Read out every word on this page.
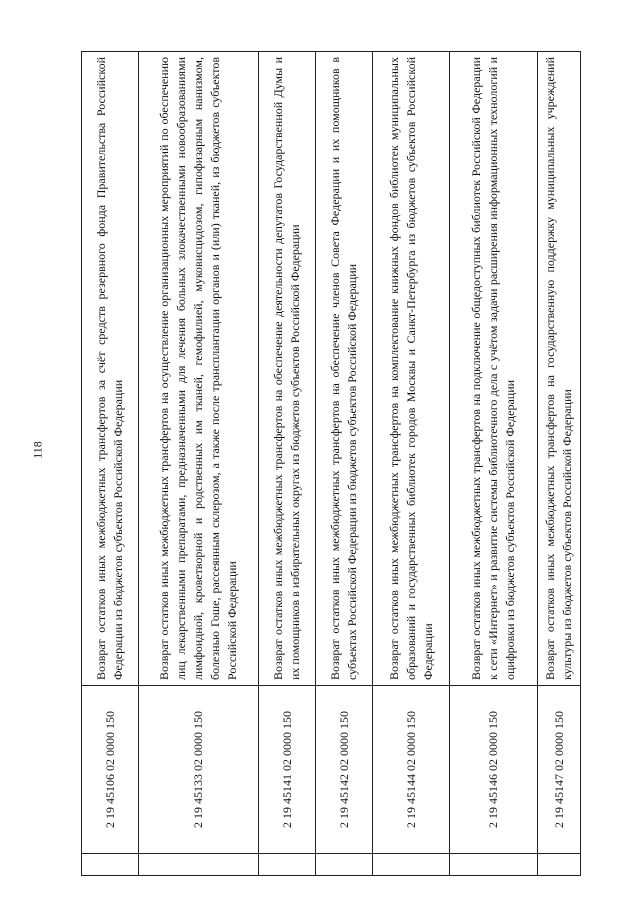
118
	2 19 45106 02 0000 150	Возврат остатков иных межбюджетных трансфертов за счёт средств резервного фонда Правительства Российской Федерации из бюджетов субъектов Российской Федерации
	2 19 45133 02 0000 150	Возврат остатков иных межбюджетных трансфертов на осуществление организационных мероприятий по обеспечению лиц лекарственными препаратами, предназначенными для лечения больных злокачественными новообразованиями лимфоидной, кроветворной и родственных им тканей, гемофилией, муковисцидозом, гипофизарным нанизмом, болезнью Гоше, рассеянным склерозом, а также после трансплантации органов и (или) тканей, из бюджетов субъектов Российской Федерации
	2 19 45141 02 0000 150	Возврат остатков иных межбюджетных трансфертов на обеспечение деятельности депутатов Государственной Думы и их помощников в избирательных округах из бюджетов субъектов Российской Федерации
	2 19 45142 02 0000 150	Возврат остатков иных межбюджетных трансфертов на обеспечение членов Совета Федерации и их помощников в субъектах Российской Федерации из бюджетов субъектов Российской Федерации
	2 19 45144 02 0000 150	Возврат остатков иных межбюджетных трансфертов на комплектование книжных фондов библиотек муниципальных образований и государственных библиотек городов Москвы и Санкт-Петербурга из бюджетов субъектов Российской Федерации
	2 19 45146 02 0000 150	Возврат остатков иных межбюджетных трансфертов на подключение общедоступных библиотек Российской Федерации к сети «Интернет» и развитие системы библиотечного дела с учётом задачи расширения информационных технологий и оцифровки из бюджетов субъектов Российской Федерации
	2 19 45147 02 0000 150	Возврат остатков иных межбюджетных трансфертов на государственную поддержку муниципальных учреждений культуры из бюджетов субъектов Российской Федерации
